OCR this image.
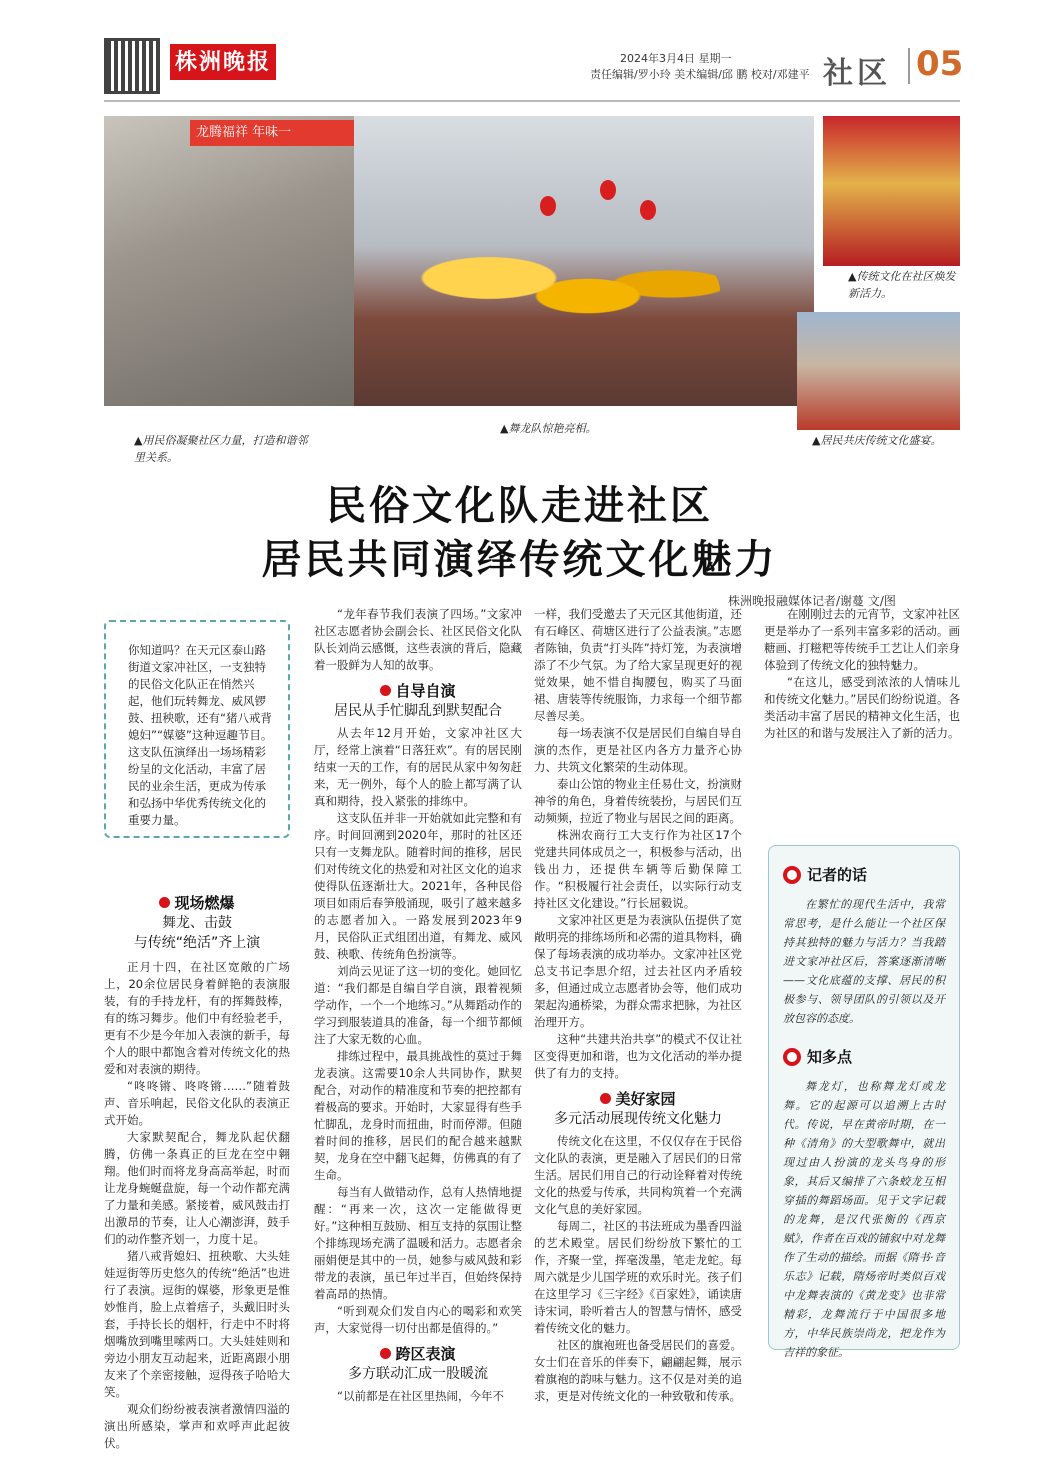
株洲晚报	2024年3月4日 星期一
责任编辑/罗小玲 美术编辑/邱 鹏 校对/邓建平 社区 05
龙腾福祥 年味一
▲用民俗凝聚社区力量，打造和谐邻里关系。
▲舞龙队惊艳亮相。
▲传统文化在社区焕发新活力。
▲居民共庆传统文化盛宴。
民俗文化队走进社区
居民共同演绎传统文化魅力
株洲晚报融媒体记者/谢蔓 文/图

你知道吗？在天元区泰山路街道文家冲社区，一支独特的民俗文化队正在悄然兴起，他们玩转舞龙、威风锣鼓、扭秧歌，还有“猪八戒背媳妇”“媒婆”这种逗趣节目。这支队伍演绎出一场场精彩纷呈的文化活动，丰富了居民的业余生活，更成为传承和弘扬中华优秀传统文化的重要力量。

现场燃爆
舞龙、击鼓
与传统“绝活”齐上演

正月十四，在社区宽敞的广场上，20余位居民身着鲜艳的表演服装，有的手持龙杆，有的挥舞鼓棒，有的练习舞步。他们中有经验老手，更有不少是今年加入表演的新手，每个人的眼中都饱含着对传统文化的热爱和对表演的期待。

“咚咚锵、咚咚锵……”随着鼓声、音乐响起，民俗文化队的表演正式开始。

大家默契配合，舞龙队起伏翻腾，仿佛一条真正的巨龙在空中翱翔。他们时而将龙身高高举起，时而让龙身蜿蜒盘旋，每一个动作都充满了力量和美感。紧接着，威风鼓击打出激昂的节奏，让人心潮澎湃，鼓手们的动作整齐划一，力度十足。

猪八戒背媳妇、扭秧歌、大头娃娃逗街等历史悠久的传统“绝活”也进行了表演。逗街的媒婆，形象更是惟妙惟肖，脸上点着痦子，头戴旧时头套，手持长长的烟杆，行走中不时将烟嘴放到嘴里嗦两口。大头娃娃则和旁边小朋友互动起来，近距离跟小朋友来了个亲密接触，逗得孩子哈哈大笑。

观众们纷纷被表演者激情四溢的演出所感染，掌声和欢呼声此起彼伏。

“龙年春节我们表演了四场。”文家冲社区志愿者协会副会长、社区民俗文化队队长刘尚云感慨，这些表演的背后，隐藏着一股鲜为人知的故事。

自导自演
居民从手忙脚乱到默契配合

从去年12月开始，文家冲社区大厅，经常上演着“日落狂欢”。有的居民刚结束一天的工作，有的居民从家中匆匆赶来，无一例外，每个人的脸上都写满了认真和期待，投入紧张的排练中。

这支队伍并非一开始就如此完整和有序。时间回溯到2020年，那时的社区还只有一支舞龙队。随着时间的推移，居民们对传统文化的热爱和对社区文化的追求使得队伍逐渐壮大。2021年，各种民俗项目如雨后春笋般涌现，吸引了越来越多的志愿者加入。一路发展到2023年9月，民俗队正式组团出道，有舞龙、威风鼓、秧歌、传统角色扮演等。

刘尚云见证了这一切的变化。她回忆道：“我们都是自编自学自演，跟着视频学动作，一个一个地练习。”从舞蹈动作的学习到服装道具的准备，每一个细节都倾注了大家无数的心血。

排练过程中，最具挑战性的莫过于舞龙表演。这需要10余人共同协作，默契配合，对动作的精准度和节奏的把控都有着极高的要求。开始时，大家显得有些手忙脚乱，龙身时而扭曲，时而停滞。但随着时间的推移，居民们的配合越来越默契，龙身在空中翻飞起舞，仿佛真的有了生命。

每当有人做错动作，总有人热情地提醒：“再来一次，这次一定能做得更好。”这种相互鼓励、相互支持的氛围让整个排练现场充满了温暖和活力。志愿者余丽娟便是其中的一员，她参与威风鼓和彩带龙的表演，虽已年过半百，但始终保持着高昂的热情。

“听到观众们发自内心的喝彩和欢笑声，大家觉得一切付出都是值得的。”

跨区表演
多方联动汇成一股暖流

“以前都是在社区里热闹，今年不

一样，我们受邀去了天元区其他街道，还有石峰区、荷塘区进行了公益表演。”志愿者陈铀，负责“打头阵”持灯笼，为表演增添了不少气氛。为了给大家呈现更好的视觉效果，她不惜自掏腰包，购买了马面裙、唐装等传统服饰，力求每一个细节都尽善尽美。

每一场表演不仅是居民们自编自导自演的杰作，更是社区内各方力量齐心协力、共筑文化繁荣的生动体现。

泰山公馆的物业主任易仕文，扮演财神爷的角色，身着传统装扮，与居民们互动频频，拉近了物业与居民之间的距离。

株洲农商行工大支行作为社区17个党建共同体成员之一，积极参与活动，出钱出力，还提供车辆等后勤保障工作。“积极履行社会责任，以实际行动支持社区文化建设。”行长屈毅说。

文家冲社区更是为表演队伍提供了宽敞明亮的排练场所和必需的道具物料，确保了每场表演的成功举办。文家冲社区党总支书记李思介绍，过去社区内矛盾较多，但通过成立志愿者协会等，他们成功架起沟通桥梁，为群众需求把脉，为社区治理开方。

这种“共建共治共享”的模式不仅让社区变得更加和谐，也为文化活动的举办提供了有力的支持。

美好家园
多元活动展现传统文化魅力

传统文化在这里，不仅仅存在于民俗文化队的表演，更是融入了居民们的日常生活。居民们用自己的行动诠释着对传统文化的热爱与传承，共同构筑着一个充满文化气息的美好家园。

每周二，社区的书法班成为墨香四溢的艺术殿堂。居民们纷纷放下繁忙的工作，齐聚一堂，挥毫泼墨，笔走龙蛇。每周六就是少儿国学班的欢乐时光。孩子们在这里学习《三字经》《百家姓》，诵读唐诗宋词，聆听着古人的智慧与情怀，感受着传统文化的魅力。

社区的旗袍班也备受居民们的喜爱。女士们在音乐的伴奏下，翩翩起舞，展示着旗袍的韵味与魅力。这不仅是对美的追求，更是对传统文化的一种致敬和传承。

在刚刚过去的元宵节，文家冲社区更是举办了一系列丰富多彩的活动。画糖画、打糍粑等传统手工艺让人们亲身体验到了传统文化的独特魅力。

“在这儿，感受到浓浓的人情味儿和传统文化魅力。”居民们纷纷说道。各类活动丰富了居民的精神文化生活，也为社区的和谐与发展注入了新的活力。

记者的话

在繁忙的现代生活中，我常常思考，是什么能让一个社区保持其独特的魅力与活力？当我踏进文家冲社区后，答案逐渐清晰——文化底蕴的支撑、居民的积极参与、领导团队的引领以及开放包容的态度。

知多点

舞龙灯，也称舞龙灯或龙舞。它的起源可以追溯上古时代。传说，早在黄帝时期，在一种《清角》的大型歌舞中，就出现过由人扮演的龙头鸟身的形象，其后又编排了六条蛟龙互相穿插的舞蹈场面。见于文字记载的龙舞，是汉代张衡的《西京赋》，作者在百戏的铺叙中对龙舞作了生动的描绘。而据《隋书·音乐志》记载，隋炀帝时类似百戏中龙舞表演的《黄龙变》也非常精彩，龙舞流行于中国很多地方，中华民族崇尚龙，把龙作为吉祥的象征。
